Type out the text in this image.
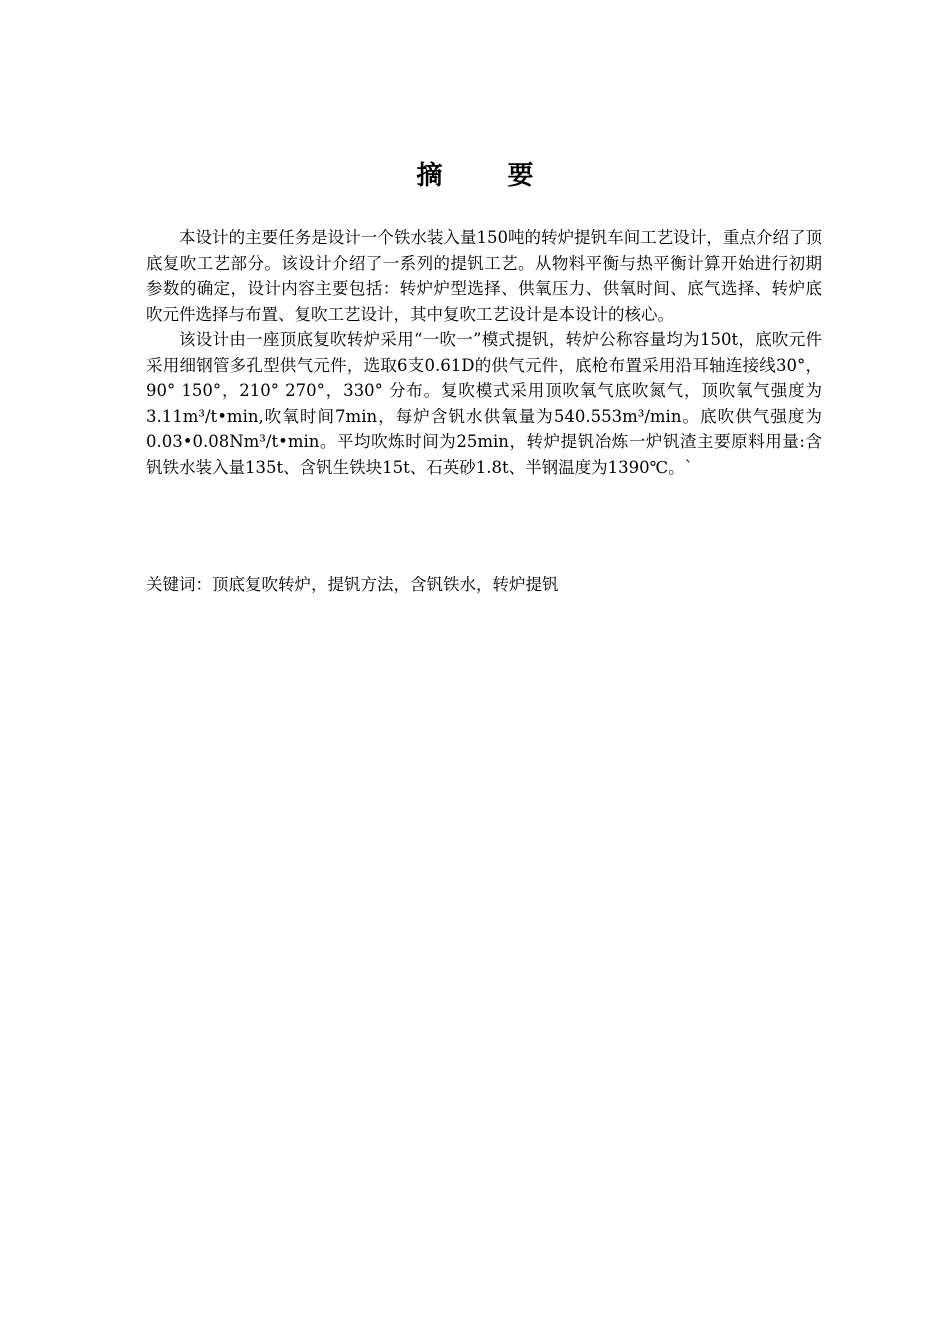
摘 要

本设计的主要任务是设计一个铁水装入量150吨的转炉提钒车间工艺设计，重点介绍了顶底复吹工艺部分。该设计介绍了一系列的提钒工艺。从物料平衡与热平衡计算开始进行初期参数的确定，设计内容主要包括：转炉炉型选择、供氧压力、供氧时间、底气选择、转炉底吹元件选择与布置、复吹工艺设计，其中复吹工艺设计是本设计的核心。

该设计由一座顶底复吹转炉采用“一吹一”模式提钒，转炉公称容量均为150t，底吹元件采用细钢管多孔型供气元件，选取6支0.61D的供气元件，底枪布置采用沿耳轴连接线30°，90° 150°，210° 270°，330° 分布。复吹模式采用顶吹氧气底吹氮气，顶吹氧气强度为3.11m³/t•min,吹氧时间7min，每炉含钒水供氧量为540.553m³/min。底吹供气强度为0.03•0.08Nm³/t•min。平均吹炼时间为25min，转炉提钒冶炼一炉钒渣主要原料用量:含钒铁水装入量135t、含钒生铁块15t、石英砂1.8t、半钢温度为1390℃。`

关键词：顶底复吹转炉，提钒方法，含钒铁水，转炉提钒
